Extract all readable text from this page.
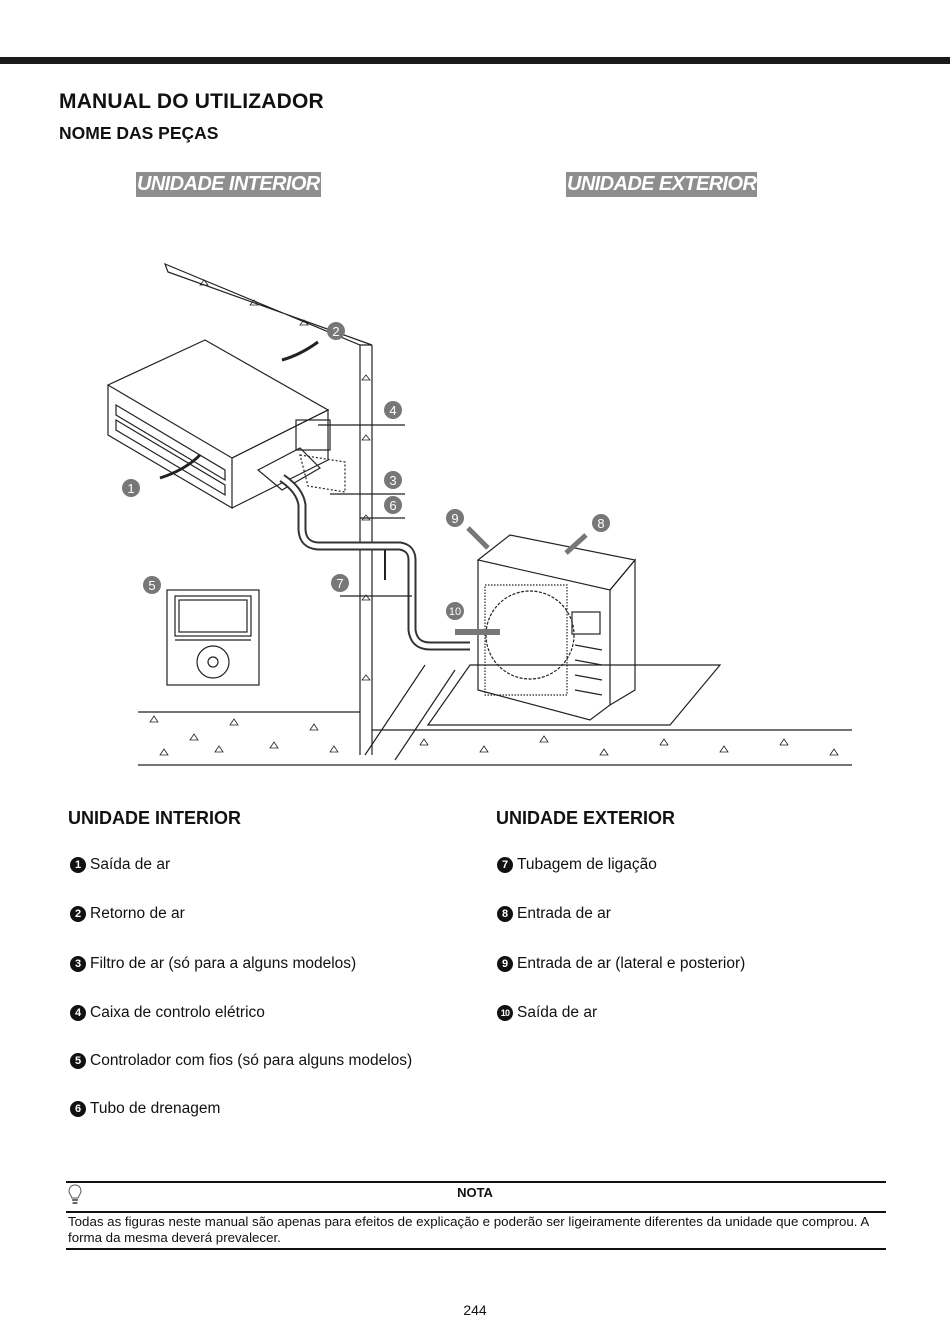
MANUAL DO UTILIZADOR
NOME DAS PEÇAS
UNIDADE INTERIOR	UNIDADE EXTERIOR
1
2
3
4
5
6
7
8
9
10
UNIDADE INTERIOR	UNIDADE EXTERIOR
1 Saída de ar
2 Retorno de ar
3 Filtro de ar (só para a alguns modelos)
4 Caixa de controlo elétrico
5 Controlador com fios (só para alguns modelos)
6 Tubo de drenagem
7 Tubagem de ligação
8 Entrada de ar
9 Entrada de ar (lateral e posterior)
10 Saída de ar
NOTA
Todas as figuras neste manual são apenas para efeitos de explicação e poderão ser ligeiramente diferentes da unidade que comprou. A forma da mesma deverá prevalecer.
244
